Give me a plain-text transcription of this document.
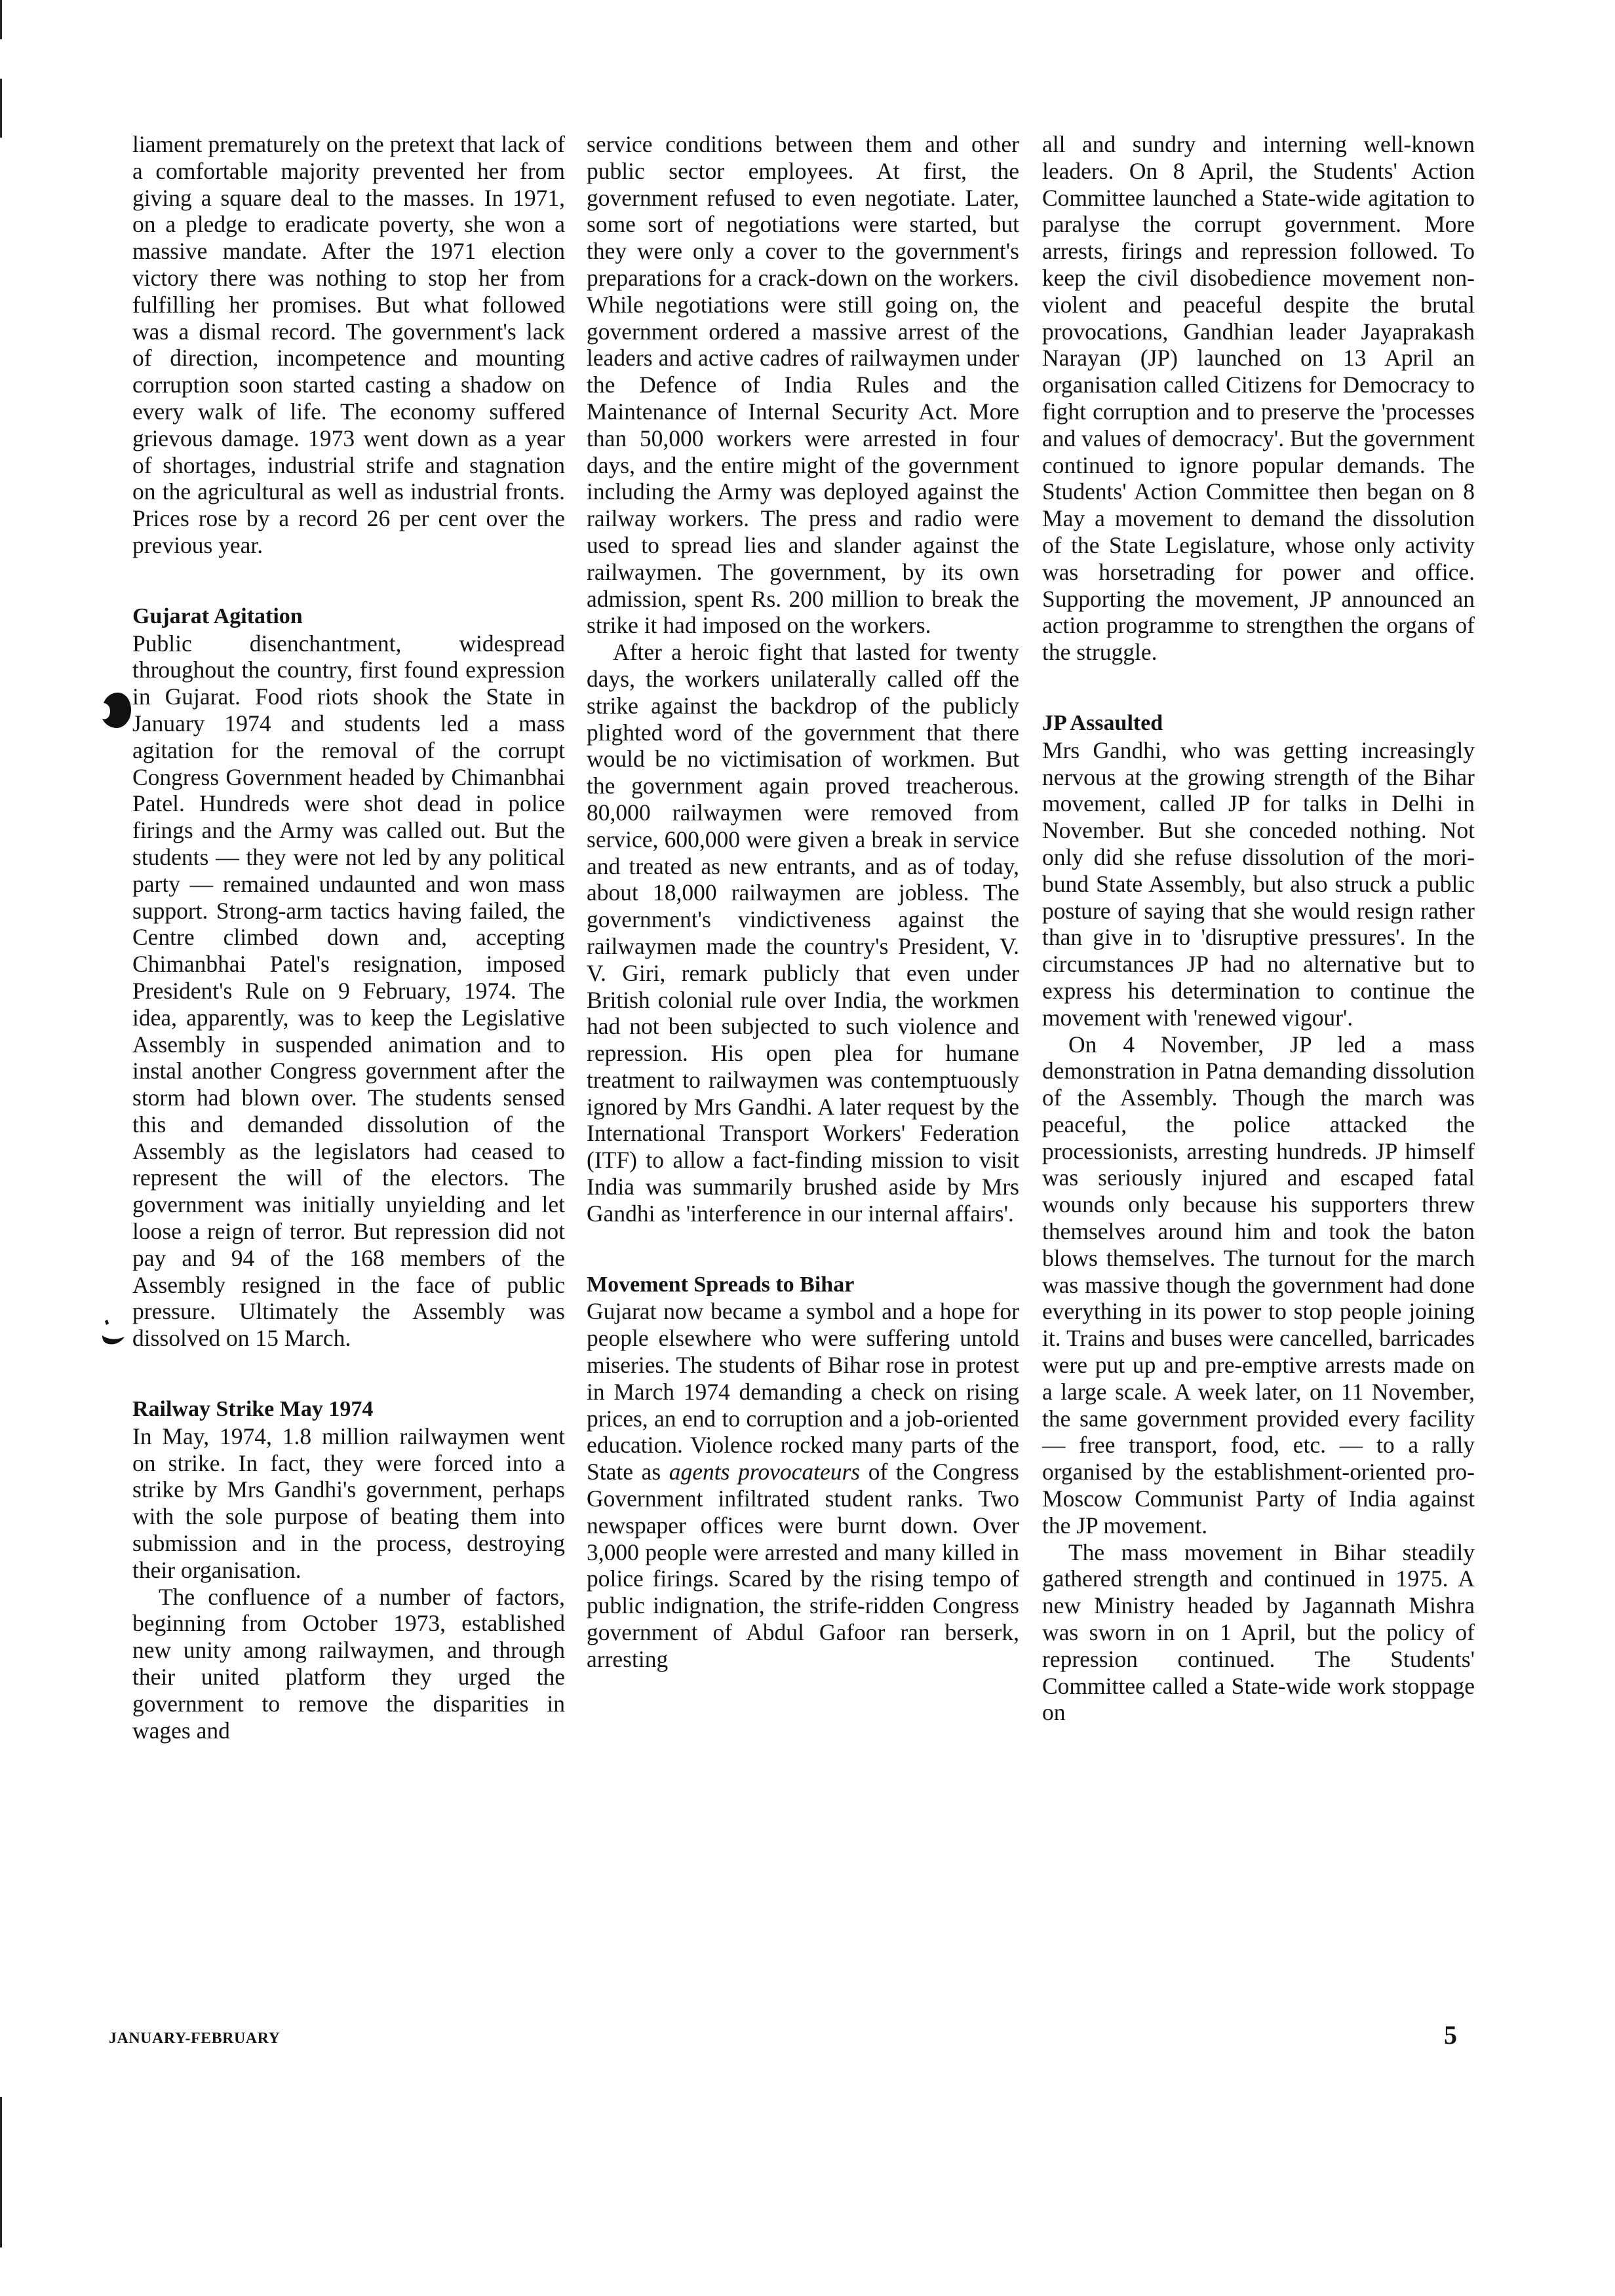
liament prematurely on the pretext that lack of a comfortable majority prevented her from giving a square deal to the masses. In 1971, on a pledge to eradicate poverty, she won a massive mandate. After the 1971 election victory there was nothing to stop her from fulfilling her promises. But what followed was a dismal record. The government's lack of direction, incompetence and mounting corruption soon started casting a shadow on every walk of life. The economy suffered grievous damage. 1973 went down as a year of shortages, industrial strife and stagnation on the agricultural as well as industrial fronts. Prices rose by a record 26 per cent over the previous year.

Gujarat Agitation

Public disenchantment, widespread throughout the country, first found expression in Gujarat. Food riots shook the State in January 1974 and students led a mass agitation for the removal of the corrupt Congress Government headed by Chimanbhai Patel. Hundreds were shot dead in police firings and the Army was called out. But the students — they were not led by any political party — remained undaunted and won mass support. Strong-arm tactics having failed, the Centre climbed down and, accepting Chimanbhai Patel's resignation, imposed President's Rule on 9 February, 1974. The idea, apparently, was to keep the Legislative Assembly in suspended animation and to instal another Congress government after the storm had blown over. The students sensed this and demanded dissolution of the Assembly as the legislators had ceased to represent the will of the electors. The government was initially unyielding and let loose a reign of terror. But repression did not pay and 94 of the 168 members of the Assembly resigned in the face of public pressure. Ultimately the Assembly was dissolved on 15 March.

Railway Strike May 1974

In May, 1974, 1.8 million railwaymen went on strike. In fact, they were forced into a strike by Mrs Gandhi's government, perhaps with the sole purpose of beating them into submission and in the process, destroying their organisation.

The confluence of a number of factors, beginning from October 1973, established new unity among railwaymen, and through their united platform they urged the government to remove the disparities in wages and

service conditions between them and other public sector employees. At first, the government refused to even negotiate. Later, some sort of negotiations were started, but they were only a cover to the government's preparations for a crack-down on the workers. While negotiations were still going on, the government ordered a massive arrest of the leaders and active cadres of railwaymen under the Defence of India Rules and the Maintenance of Internal Security Act. More than 50,000 workers were arrested in four days, and the entire might of the government including the Army was deployed against the railway workers. The press and radio were used to spread lies and slander against the railwaymen. The government, by its own admission, spent Rs. 200 million to break the strike it had imposed on the workers.

After a heroic fight that lasted for twenty days, the workers unilaterally called off the strike against the backdrop of the publicly plighted word of the government that there would be no victimisation of workmen. But the government again proved treacherous. 80,000 railwaymen were removed from service, 600,000 were given a break in service and treated as new entrants, and as of today, about 18,000 railwaymen are jobless. The government's vindictiveness against the railwaymen made the country's President, V. V. Giri, remark publicly that even under British colonial rule over India, the workmen had not been subjected to such violence and repression. His open plea for humane treatment to railwaymen was contemptuously ignored by Mrs Gandhi. A later request by the International Transport Workers' Federation (ITF) to allow a fact-finding mission to visit India was summarily brushed aside by Mrs Gandhi as 'interference in our internal affairs'.

Movement Spreads to Bihar

Gujarat now became a symbol and a hope for people elsewhere who were suffering untold miseries. The students of Bihar rose in protest in March 1974 demanding a check on rising prices, an end to corruption and a job-oriented education. Violence rocked many parts of the State as agents provocateurs of the Congress Government infiltrated student ranks. Two newspaper offices were burnt down. Over 3,000 people were arrested and many killed in police firings. Scared by the rising tempo of public indignation, the strife-ridden Congress government of Abdul Gafoor ran berserk, arresting

all and sundry and interning well-known leaders. On 8 April, the Students' Action Committee launched a State-wide agitation to paralyse the corrupt government. More arrests, firings and repression followed. To keep the civil disobedience movement non-violent and peaceful despite the brutal provocations, Gandhian leader Jayaprakash Narayan (JP) launched on 13 April an organisation called Citizens for Democracy to fight corruption and to preserve the 'processes and values of democracy'. But the government continued to ignore popular demands. The Students' Action Committee then began on 8 May a movement to demand the dissolution of the State Legislature, whose only activity was horsetrading for power and office. Supporting the movement, JP announced an action programme to strengthen the organs of the struggle.

JP Assaulted

Mrs Gandhi, who was getting increasingly nervous at the growing strength of the Bihar movement, called JP for talks in Delhi in November. But she conceded nothing. Not only did she refuse dissolution of the moribund State Assembly, but also struck a public posture of saying that she would resign rather than give in to 'disruptive pressures'. In the circumstances JP had no alternative but to express his determination to continue the movement with 'renewed vigour'.

On 4 November, JP led a mass demonstration in Patna demanding dissolution of the Assembly. Though the march was peaceful, the police attacked the processionists, arresting hundreds. JP himself was seriously injured and escaped fatal wounds only because his supporters threw themselves around him and took the baton blows themselves. The turnout for the march was massive though the government had done everything in its power to stop people joining it. Trains and buses were cancelled, barricades were put up and pre-emptive arrests made on a large scale. A week later, on 11 November, the same government provided every facility — free transport, food, etc. — to a rally organised by the establishment-oriented pro-Moscow Communist Party of India against the JP movement.

The mass movement in Bihar steadily gathered strength and continued in 1975. A new Ministry headed by Jagannath Mishra was sworn in on 1 April, but the policy of repression continued. The Students' Committee called a State-wide work stoppage on

JANUARY-FEBRUARY	5
